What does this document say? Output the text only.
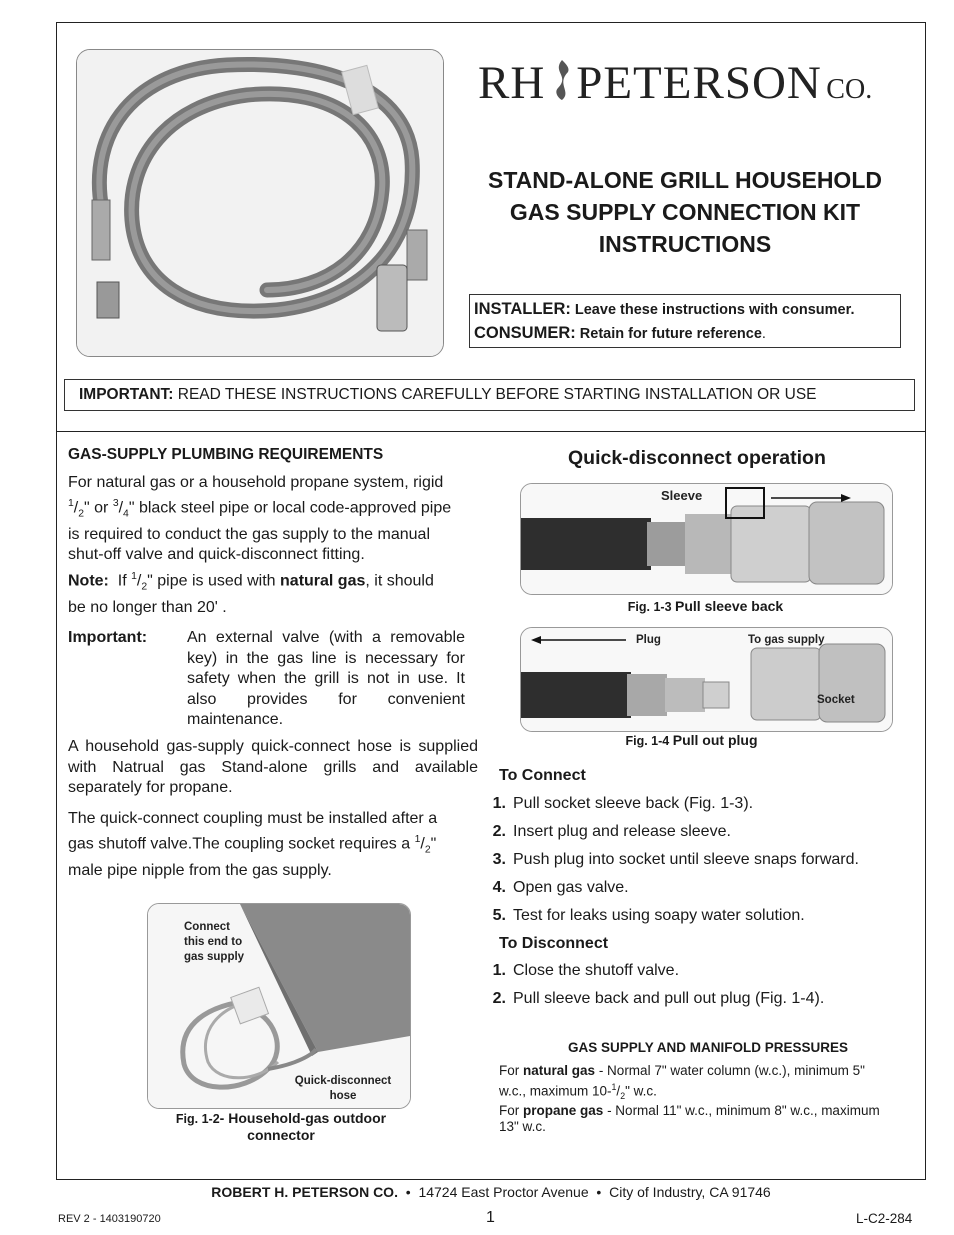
RH PETERSON CO.
STAND-ALONE GRILL HOUSEHOLD
GAS SUPPLY CONNECTION KIT
INSTRUCTIONS
INSTALLER: Leave these instructions with consumer.
CONSUMER: Retain for future reference.
IMPORTANT: READ THESE INSTRUCTIONS CAREFULLY BEFORE STARTING INSTALLATION OR USE
GAS-SUPPLY PLUMBING REQUIREMENTS
For natural gas or a household propane system, rigid
$^1/_2$" or $^3/_4$" black steel pipe or local code-approved pipe
is required to conduct the gas supply to the manual
shut-off valve and quick-disconnect fitting.
Note: If $^1/_2$" pipe is used with natural gas, it should
be no longer than 20' .
Important: An external valve (with a removable key) in the gas line is necessary for safety when the grill is not in use. It also provides for convenient maintenance.
A household gas-supply quick-connect hose is supplied with Natrual gas Stand-alone grills and available separately for propane.
The quick-connect coupling must be installed after a
gas shutoff valve.The coupling socket requires a $^1/_2$"
male pipe nipple from the gas supply.
Connect
this end to
gas supply
Quick-disconnect
hose
Fig. 1-2- Household-gas outdoor connector
Quick-disconnect operation
Sleeve
Fig. 1-3 Pull sleeve back
Plug	To gas supply
Socket
Fig. 1-4 Pull out plug
To Connect
1. Pull socket sleeve back (Fig. 1-3).
2. Insert plug and release sleeve.
3. Push plug into socket until sleeve snaps forward.
4. Open gas valve.
5. Test for leaks using soapy water solution.
To Disconnect
1. Close the shutoff valve.
2. Pull sleeve back and pull out plug (Fig. 1-4).
GAS SUPPLY AND MANIFOLD PRESSURES
For natural gas - Normal 7" water column (w.c.), minimum 5"
w.c., maximum $10-^1/_2$" w.c.
For propane gas - Normal 11" w.c., minimum 8" w.c., maximum
13" w.c.
ROBERT H. PETERSON CO.  •  14724 East Proctor Avenue  •  City of Industry, CA 91746
REV 2 - 1403190720	1	L-C2-284
